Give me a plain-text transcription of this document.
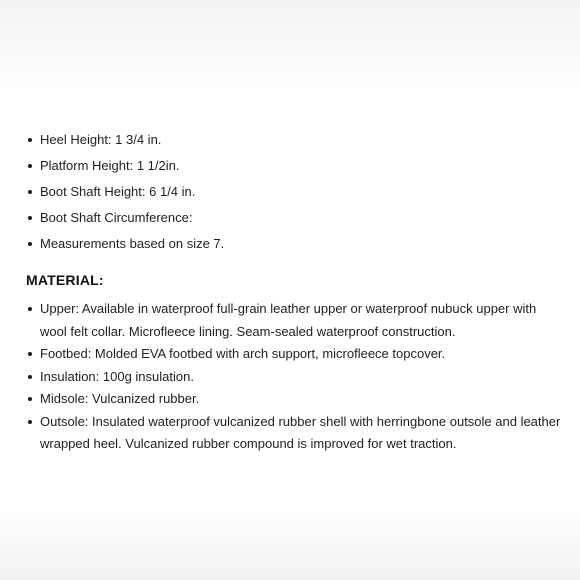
Heel Height: 1 3/4 in.
Platform Height: 1 1/2in.
Boot Shaft Height: 6 1/4 in.
Boot Shaft Circumference:
Measurements based on size 7.
MATERIAL:
Upper: Available in waterproof full-grain leather upper or waterproof nubuck upper with wool felt collar. Microfleece lining. Seam-sealed waterproof construction.
Footbed: Molded EVA footbed with arch support, microfleece topcover.
Insulation: 100g insulation.
Midsole: Vulcanized rubber.
Outsole: Insulated waterproof vulcanized rubber shell with herringbone outsole and leather wrapped heel. Vulcanized rubber compound is improved for wet traction.
